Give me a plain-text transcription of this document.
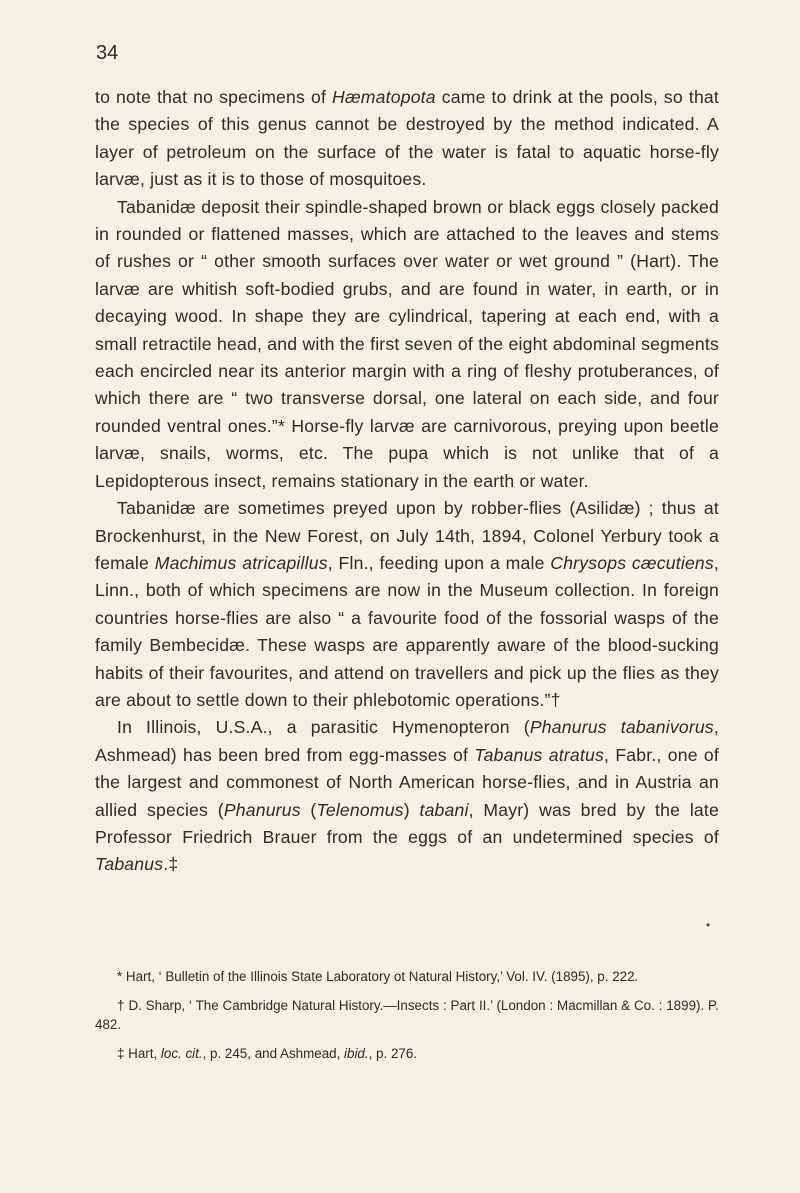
34

to note that no specimens of Hæmatopota came to drink at the pools, so that the species of this genus cannot be destroyed by the method indicated. A layer of petroleum on the surface of the water is fatal to aquatic horse-fly larvæ, just as it is to those of mosquitoes.

Tabanidæ deposit their spindle-shaped brown or black eggs closely packed in rounded or flattened masses, which are attached to the leaves and stems of rushes or “ other smooth surfaces over water or wet ground ” (Hart). The larvæ are whitish soft-bodied grubs, and are found in water, in earth, or in decaying wood. In shape they are cylindrical, tapering at each end, with a small retractile head, and with the first seven of the eight abdominal segments each encircled near its anterior margin with a ring of fleshy protuberances, of which there are “ two transverse dorsal, one lateral on each side, and four rounded ventral ones.”* Horse-fly larvæ are carnivorous, preying upon beetle larvæ, snails, worms, etc. The pupa which is not unlike that of a Lepidopterous insect, remains stationary in the earth or water.

Tabanidæ are sometimes preyed upon by robber-flies (Asilidæ) ; thus at Brockenhurst, in the New Forest, on July 14th, 1894, Colonel Yerbury took a female Machimus atricapillus, Fln., feeding upon a male Chrysops cæcutiens, Linn., both of which specimens are now in the Museum collection. In foreign countries horse-flies are also “ a favourite food of the fossorial wasps of the family Bembecidæ. These wasps are apparently aware of the blood-sucking habits of their favourites, and attend on travellers and pick up the flies as they are about to settle down to their phlebotomic operations.”†

In Illinois, U.S.A., a parasitic Hymenopteron (Phanurus tabanivorus, Ashmead) has been bred from egg-masses of Tabanus atratus, Fabr., one of the largest and commonest of North American horse-flies, and in Austria an allied species (Phanurus (Telenomus) tabani, Mayr) was bred by the late Professor Friedrich Brauer from the eggs of an undetermined species of Tabanus.‡

•

* Hart, ‘ Bulletin of the Illinois State Laboratory ot Natural History,’ Vol. IV. (1895), p. 222.

† D. Sharp, ‘ The Cambridge Natural History.—Insects : Part II.’ (London : Macmillan & Co. : 1899). P. 482.

‡ Hart, loc. cit., p. 245, and Ashmead, ibid., p. 276.
